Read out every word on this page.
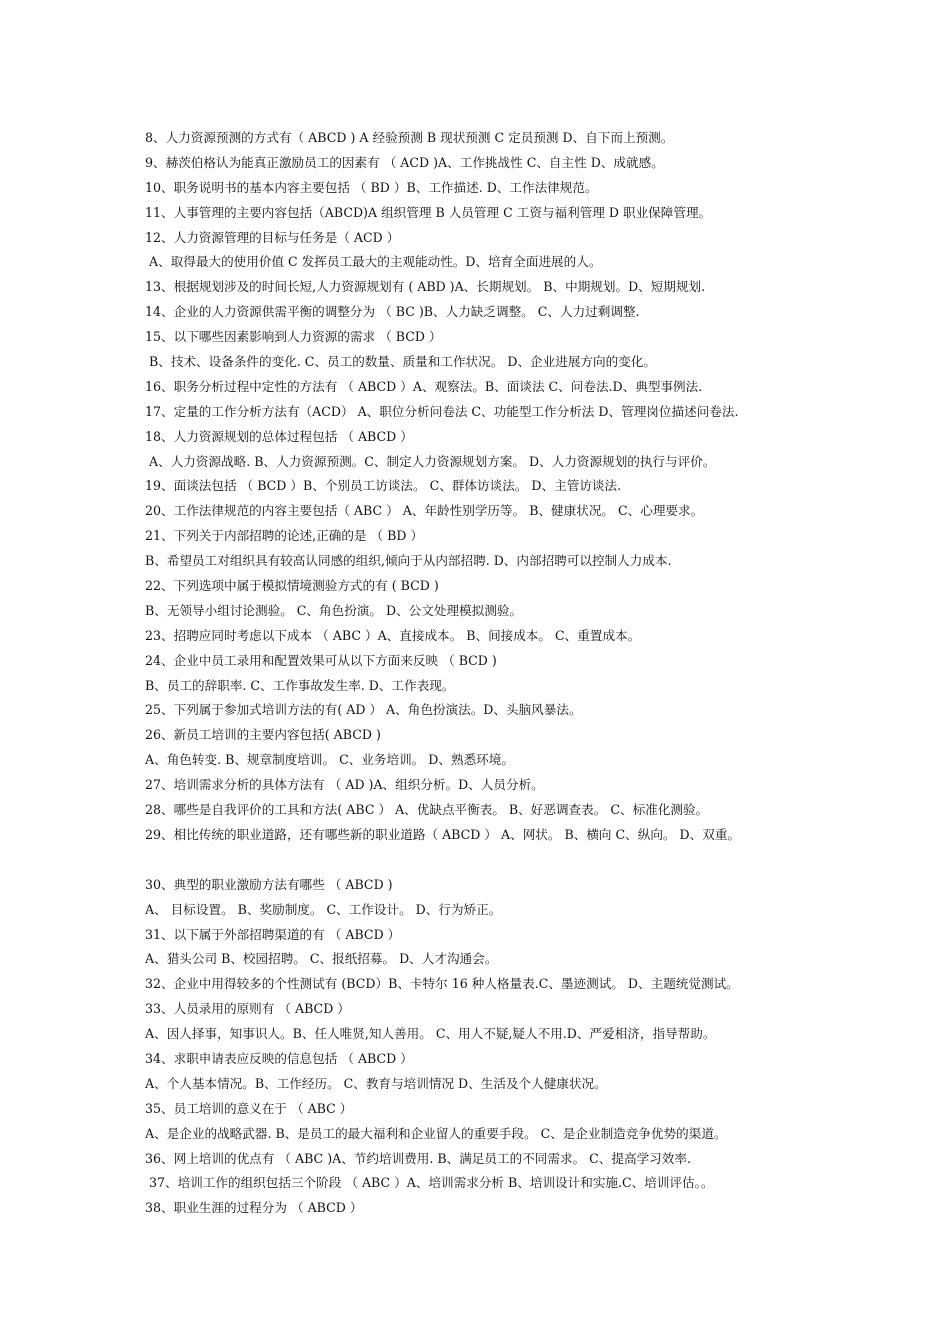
8、人力资源预测的方式有（ ABCD ) A 经验预测 B 现状预测 C 定员预测 D、自下而上预测。
9、赫茨伯格认为能真正激励员工的因素有 （ ACD )A、工作挑战性 C、自主性 D、成就感。
10、职务说明书的基本内容主要包括 （ BD ）B、工作描述. D、工作法律规范。
11、人事管理的主要内容包括（ABCD)A 组织管理 B 人员管理 C 工资与福利管理 D 职业保障管理。
12、人力资源管理的目标与任务是（ ACD ）
A、取得最大的使用价值 C 发挥员工最大的主观能动性。D、培育全面进展的人。
13、根据规划涉及的时间长短,人力资源规划有 ( ABD )A、长期规划。 B、中期规划。D、短期规划.
14、企业的人力资源供需平衡的调整分为 （ BC )B、人力缺乏调整。 C、人力过剩调整.
15、以下哪些因素影响到人力资源的需求 （ BCD ）
B、技术、设备条件的变化. C、员工的数量、质量和工作状况。 D、企业进展方向的变化。
16、职务分析过程中定性的方法有 （ ABCD ）A、观察法。B、面谈法 C、问卷法.D、典型事例法.
17、定量的工作分析方法有（ACD） A、职位分析问卷法 C、功能型工作分析法 D、管理岗位描述问卷法.
18、人力资源规划的总体过程包括 （ ABCD ）
A、人力资源战略. B、人力资源预测。C、制定人力资源规划方案。 D、人力资源规划的执行与评价。
19、面谈法包括 （ BCD ）B、个别员工访谈法。 C、群体访谈法。 D、主管访谈法.
20、工作法律规范的内容主要包括（ ABC ） A、年龄性别学历等。 B、健康状况。 C、心理要求。
21、下列关于内部招聘的论述,正确的是 （ BD ）
B、希望员工对组织具有较高认同感的组织,倾向于从内部招聘. D、内部招聘可以控制人力成本.
22、下列选项中属于模拟情境测验方式的有 ( BCD )
B、无领导小组讨论测验。 C、角色扮演。 D、公文处理模拟测验。
23、招聘应同时考虑以下成本 （ ABC ）A、直接成本。 B、间接成本。 C、重置成本。
24、企业中员工录用和配置效果可从以下方面来反映 （ BCD )
B、员工的辞职率. C、工作事故发生率. D、工作表现。
25、下列属于参加式培训方法的有( AD ） A、角色扮演法。D、头脑风暴法。
26、新员工培训的主要内容包括( ABCD )
A、角色转变. B、规章制度培训。 C、业务培训。 D、熟悉环境。
27、培训需求分析的具体方法有 （ AD )A、组织分析。D、人员分析。
28、哪些是自我评价的工具和方法( ABC ） A、优缺点平衡表。 B、好恶调查表。 C、标准化测验。
29、相比传统的职业道路，还有哪些新的职业道路（ ABCD ） A、网状。 B、横向 C、纵向。 D、双重。
30、典型的职业激励方法有哪些 （ ABCD )
A、 目标设置。 B、奖励制度。 C、工作设计。 D、行为矫正。
31、以下属于外部招聘渠道的有 （ ABCD ）
A、猎头公司 B、校园招聘。 C、报纸招募。 D、人才沟通会。
32、企业中用得较多的个性测试有 (BCD）B、卡特尔 16 种人格量表.C、墨迹测试。 D、主题统觉测试。
33、人员录用的原则有 （ ABCD ）
A、因人择事，知事识人。B、任人唯贤,知人善用。 C、用人不疑,疑人不用.D、严爱相济，指导帮助。
34、求职申请表应反映的信息包括 （ ABCD ）
A、个人基本情况。B、工作经历。 C、教育与培训情况 D、生活及个人健康状况。
35、员工培训的意义在于 （ ABC ）
A、是企业的战略武器. B、是员工的最大福利和企业留人的重要手段。 C、是企业制造竞争优势的渠道。
36、网上培训的优点有 （ ABC )A、节约培训费用. B、满足员工的不同需求。 C、提高学习效率.
37、培训工作的组织包括三个阶段 （ ABC ）A、培训需求分析 B、培训设计和实施.C、培训评估。。
38、职业生涯的过程分为 （ ABCD ）
